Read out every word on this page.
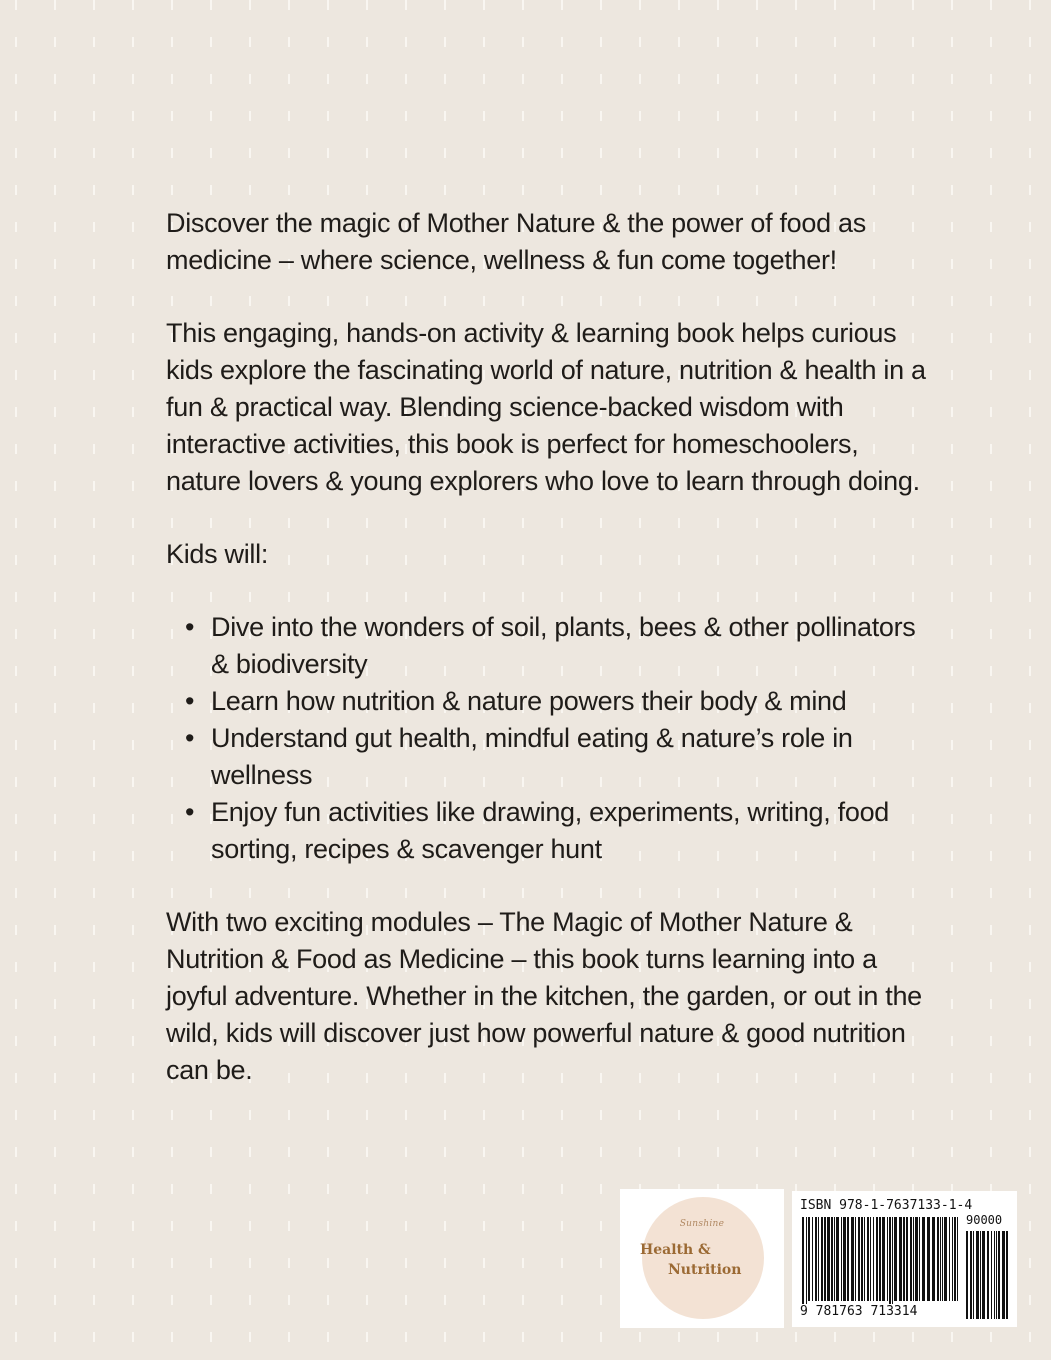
Discover the magic of Mother Nature & the power of food as medicine – where science, wellness & fun come together!

This engaging, hands-on activity & learning book helps curious kids explore the fascinating world of nature, nutrition & health in a fun & practical way. Blending science-backed wisdom with interactive activities, this book is perfect for homeschoolers, nature lovers & young explorers who love to learn through doing.

Kids will:

• Dive into the wonders of soil, plants, bees & other pollinators & biodiversity
• Learn how nutrition & nature powers their body & mind
• Understand gut health, mindful eating & nature’s role in wellness
• Enjoy fun activities like drawing, experiments, writing, food sorting, recipes & scavenger hunt

With two exciting modules – The Magic of Mother Nature & Nutrition & Food as Medicine – this book turns learning into a joyful adventure. Whether in the kitchen, the garden, or out in the wild, kids will discover just how powerful nature & good nutrition can be.

Sunshine
Health &
Nutrition
ISBN 978-1-7637133-1-4
90000
9 781763 713314
